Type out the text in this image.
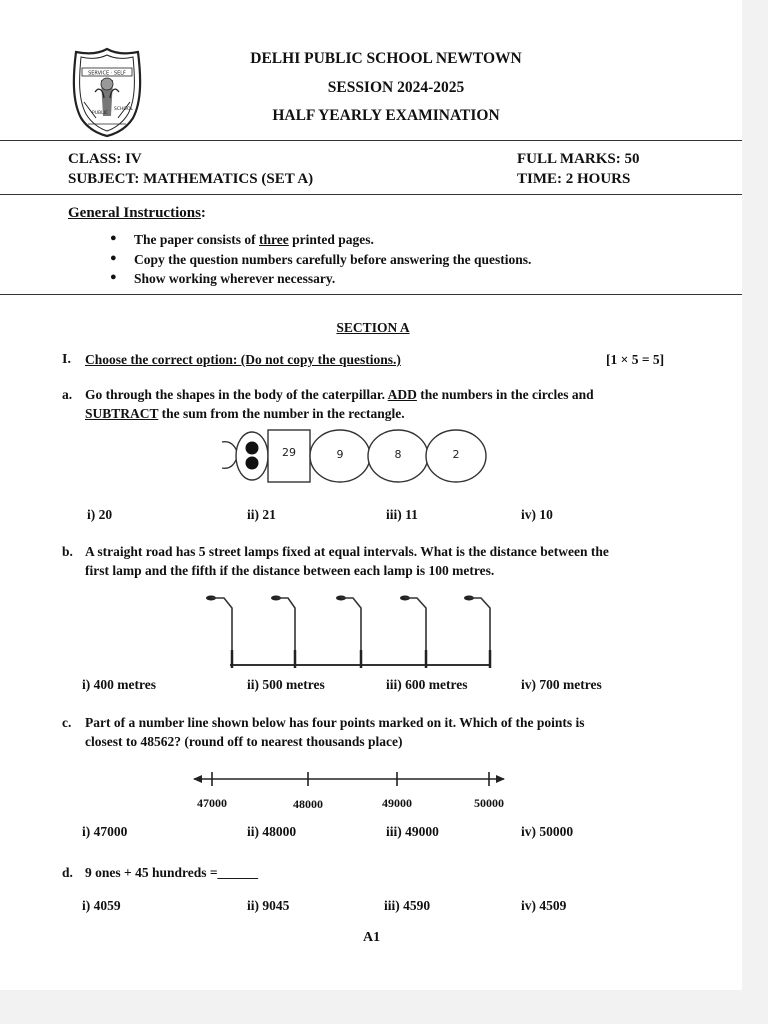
SERVICE · SELF
PUBLIC
SCHOOL
DELHI PUBLIC SCHOOL NEWTOWN
SESSION 2024-2025
HALF YEARLY EXAMINATION
CLASS: IV
SUBJECT: MATHEMATICS (SET A)
FULL MARKS: 50
TIME: 2 HOURS
General Instructions:
● The paper consists of three printed pages.
● Copy the question numbers carefully before answering the questions.
● Show working wherever necessary.
SECTION A
I. Choose the correct option: (Do not copy the questions.)	[1 × 5 = 5]
a. Go through the shapes in the body of the caterpillar. ADD the numbers in the circles and
SUBTRACT the sum from the number in the rectangle.
29	9	8	2
i) 20	ii) 21	iii) 11	iv) 10
b. A straight road has 5 street lamps fixed at equal intervals. What is the distance between the
first lamp and the fifth if the distance between each lamp is 100 metres.
i) 400 metres	ii) 500 metres	iii) 600 metres	iv) 700 metres
c. Part of a number line shown below has four points marked on it. Which of the points is
closest to 48562? (round off to nearest thousands place)
47000	48000	49000	50000
i) 47000	ii) 48000	iii) 49000	iv) 50000
d. 9 ones + 45 hundreds =______
i) 4059	ii) 9045	iii) 4590	iv) 4509
A1
